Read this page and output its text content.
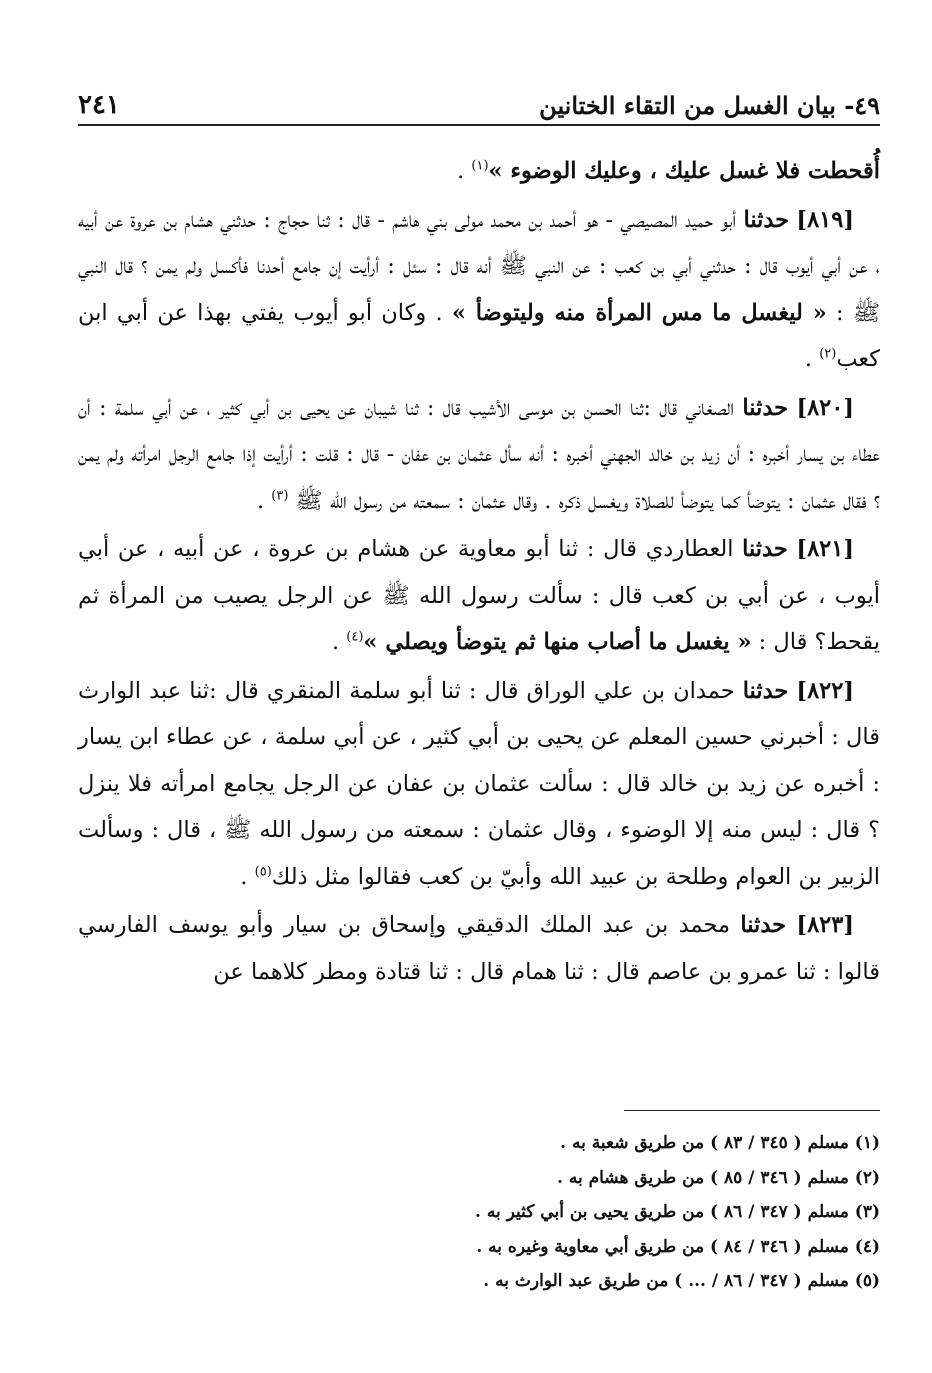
٤٩- بيان الغسل من التقاء الختانين
٢٤١

أُقحطت فلا غسل عليك ، وعليك الوضوء »$^{(١)}$ .

[٨١٩] حدثنا أبو حميد المصيصي - هو أحمد بن محمد مولى بني هاشم - قال : ثنا حجاج : حدثني هشام بن عروة عن أبيه ، عن أبي أيوب قال : حدثني أبي بن كعب : عن النبي ﷺ أنه قال : سئل : أرأيت إن جامع أحدنا فأكسل ولم يمن ؟ قال النبي ﷺ : « ليغسل ما مس المرأة منه وليتوضأ » . وكان أبو أيوب يفتي بهذا عن أبي ابن كعب$^{(٢)}$ .

[٨٢٠] حدثنا الصغاني قال :ثنا الحسن بن موسى الأشيب قال : ثنا شيبان عن يحيى بن أبي كثير ، عن أبي سلمة : أن عطاء بن يسار أخبره : أن زيد بن خالد الجهني أخبره : أنه سأل عثمان بن عفان - قال : قلت : أرأيت إذا جامع الرجل امرأته ولم يمن ؟ فقال عثمان : يتوضأ كما يتوضأ للصلاة ويغسل ذكره . وقال عثمان : سمعته من رسول الله ﷺ $^{(٣)}$ .

[٨٢١] حدثنا العطاردي قال : ثنا أبو معاوية عن هشام بن عروة ، عن أبيه ، عن أبي أيوب ، عن أبي بن كعب قال : سألت رسول الله ﷺ عن الرجل يصيب من المرأة ثم يقحط؟ قال : « يغسل ما أصاب منها ثم يتوضأ ويصلي »$^{(٤)}$ .

[٨٢٢] حدثنا حمدان بن علي الوراق قال : ثنا أبو سلمة المنقري قال :ثنا عبد الوارث قال : أخبرني حسين المعلم عن يحيى بن أبي كثير ، عن أبي سلمة ، عن عطاء ابن يسار : أخبره عن زيد بن خالد قال : سألت عثمان بن عفان عن الرجل يجامع امرأته فلا ينزل ؟ قال : ليس منه إلا الوضوء ، وقال عثمان : سمعته من رسول الله ﷺ ، قال : وسألت الزبير بن العوام وطلحة بن عبيد الله وأبيّ بن كعب فقالوا مثل ذلك$^{(٥)}$ .

[٨٢٣] حدثنا محمد بن عبد الملك الدقيقي وإسحاق بن سيار وأبو يوسف الفارسي قالوا : ثنا عمرو بن عاصم قال : ثنا همام قال : ثنا قتادة ومطر كلاهما عن

(١) مسلم ( ٣٤٥ / ٨٣ ) من طريق شعبة به .
(٢) مسلم ( ٣٤٦ / ٨٥ ) من طريق هشام به .
(٣) مسلم ( ٣٤٧ / ٨٦ ) من طريق يحيى بن أبي كثير به .
(٤) مسلم ( ٣٤٦ / ٨٤ ) من طريق أبي معاوية وغيره به .
(٥) مسلم ( ٣٤٧ / ٨٦ / ... ) من طريق عبد الوارث به .
